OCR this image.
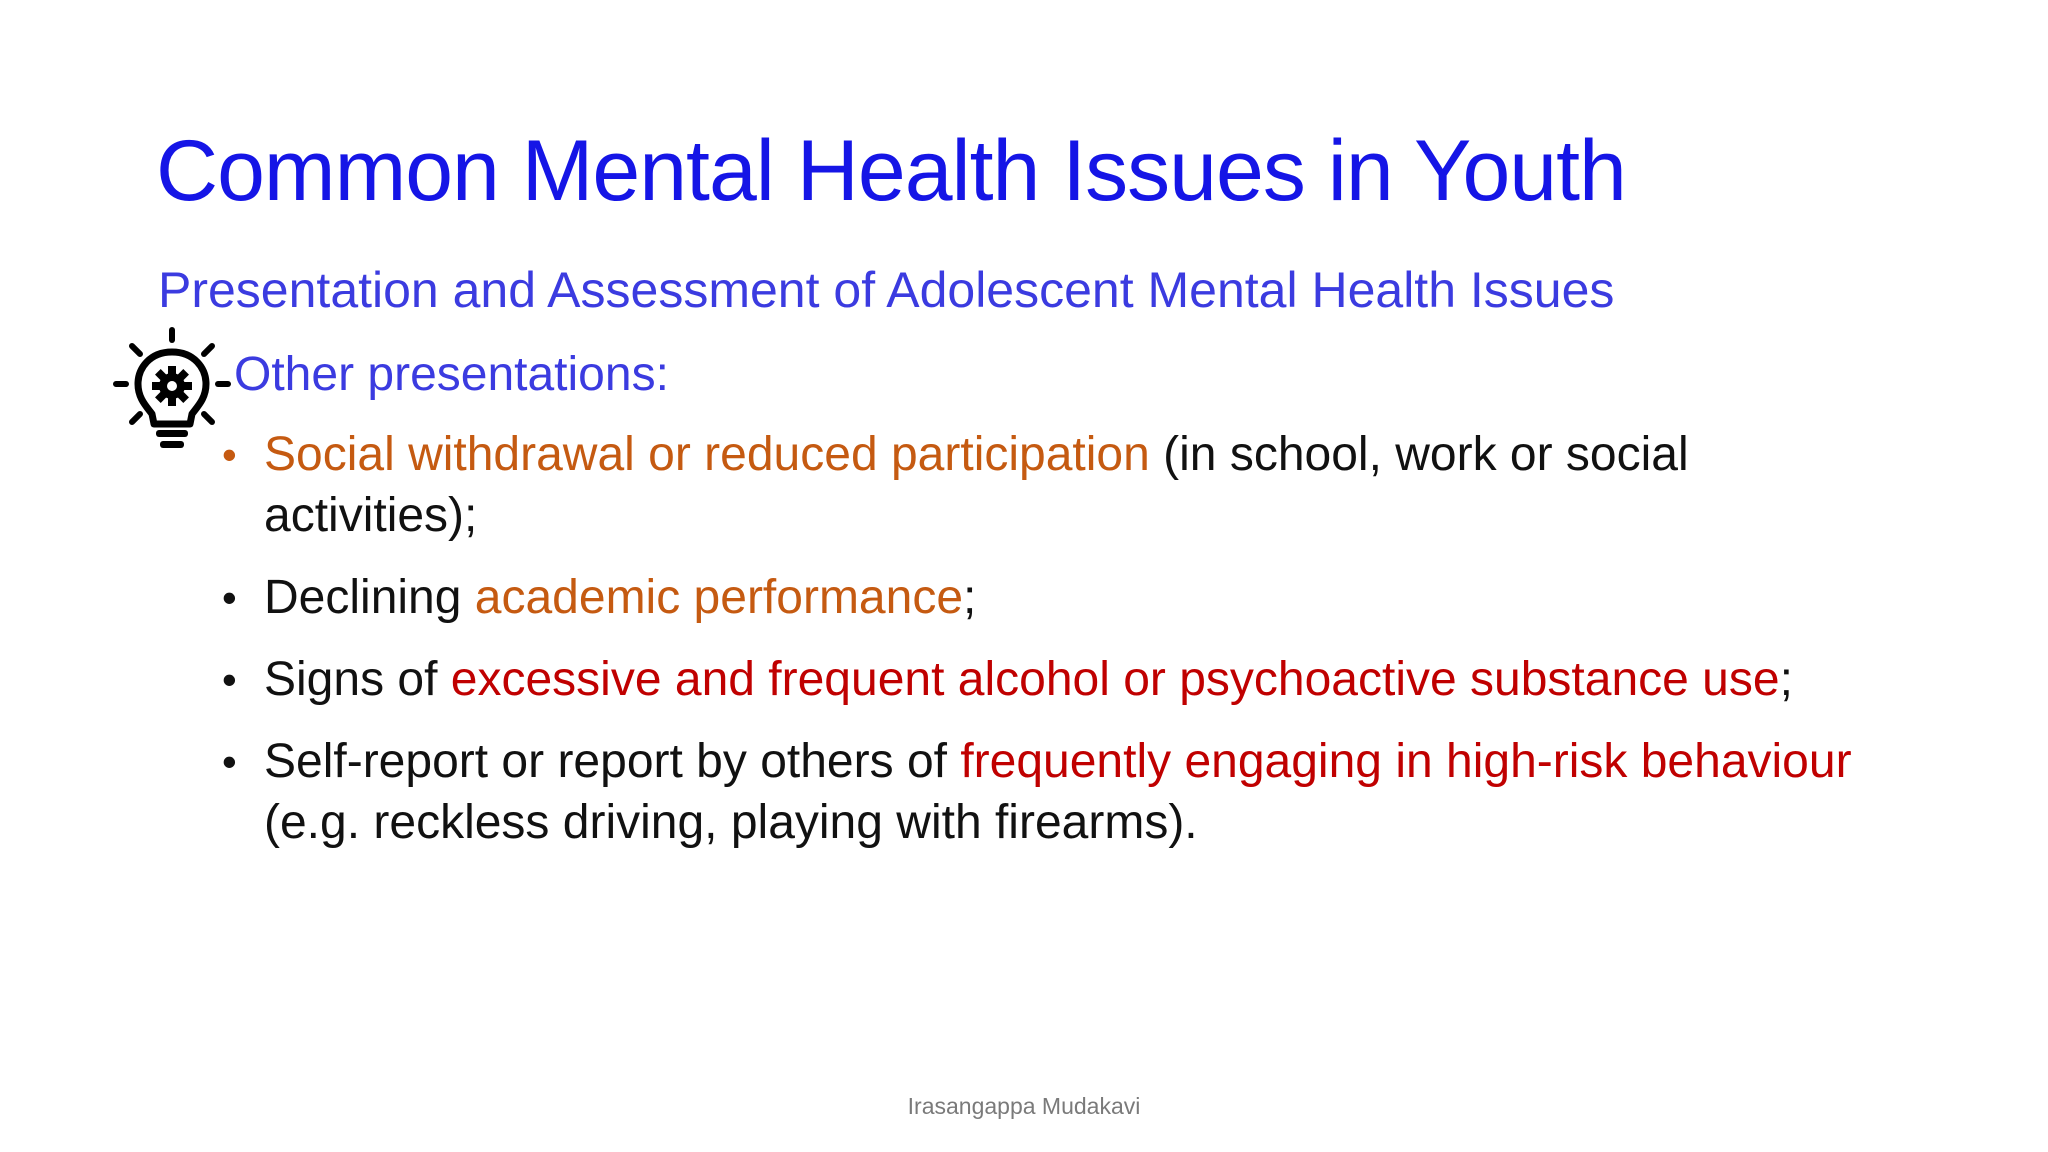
Common Mental Health Issues in Youth
Presentation and Assessment of Adolescent Mental Health Issues
Other presentations:
• Social withdrawal or reduced participation (in school, work or social activities);
• Declining academic performance;
• Signs of excessive and frequent alcohol or psychoactive substance use;
• Self-report or report by others of frequently engaging in high-risk behaviour (e.g. reckless driving, playing with firearms).
Irasangappa Mudakavi
